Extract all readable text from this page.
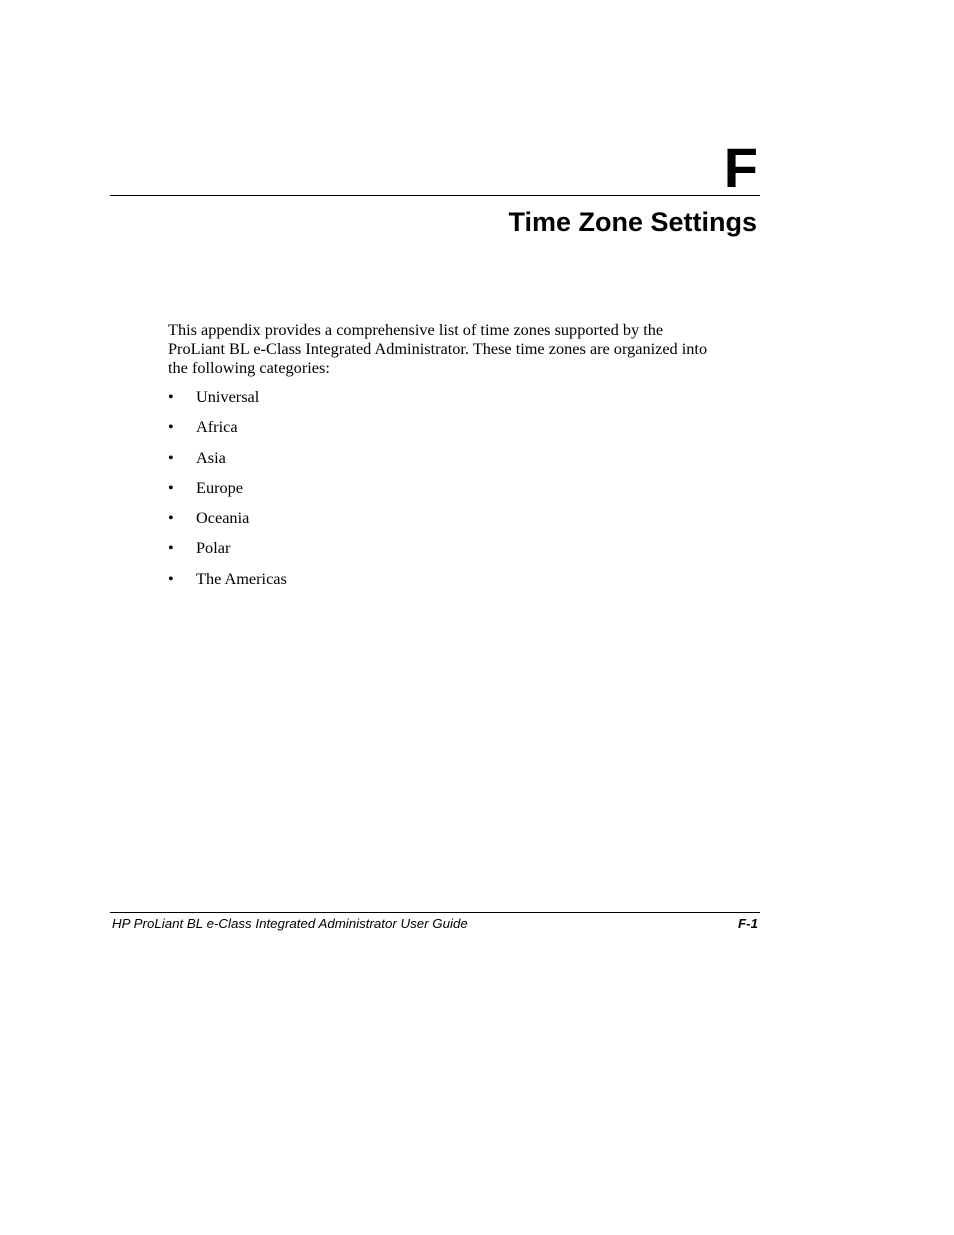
F
Time Zone Settings

This appendix provides a comprehensive list of time zones supported by the
ProLiant BL e-Class Integrated Administrator. These time zones are organized into
the following categories:

• Universal
• Africa
• Asia
• Europe
• Oceania
• Polar
• The Americas
HP ProLiant BL e-Class Integrated Administrator User Guide	F-1
